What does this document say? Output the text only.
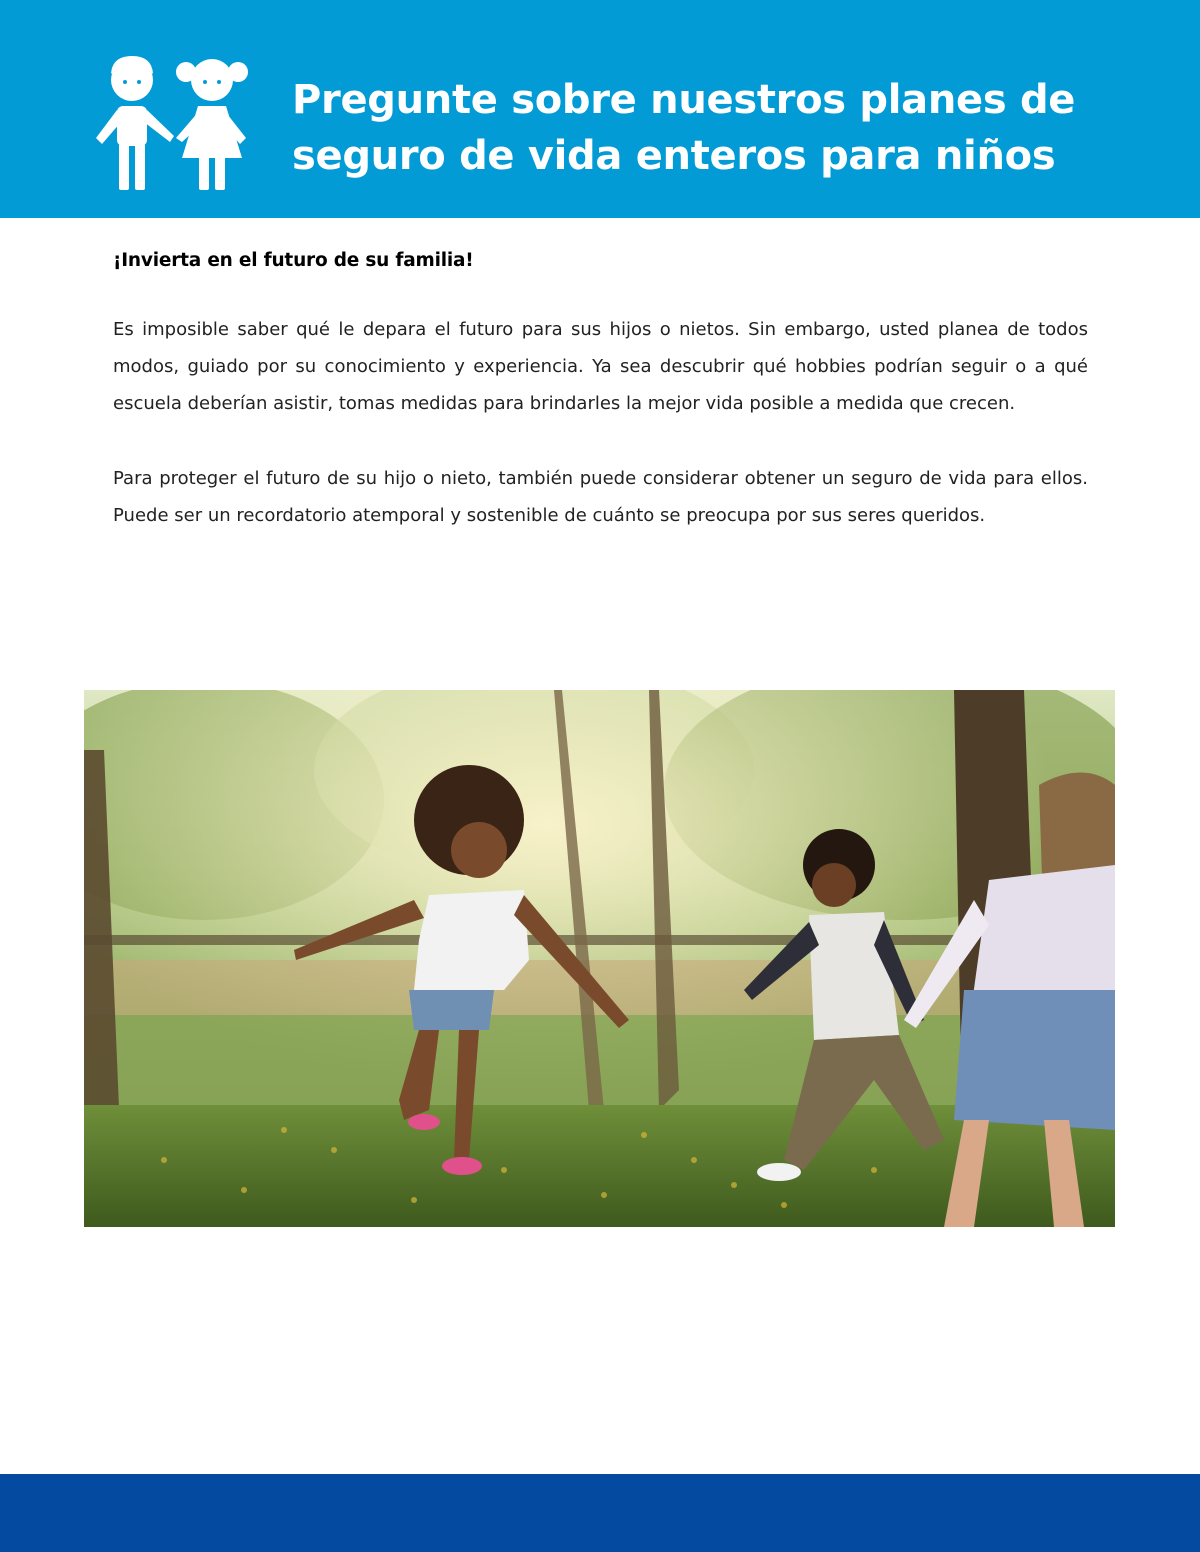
Pregunte sobre nuestros planes de
seguro de vida enteros para niños
¡Invierta en el futuro de su familia!

Es imposible saber qué le depara el futuro para sus hijos o nietos. Sin embargo, usted planea de todos modos, guiado por su conocimiento y experiencia. Ya sea descubrir qué hobbies podrían seguir o a qué escuela deberían asistir, tomas medidas para brindarles la mejor vida posible a medida que crecen.

Para proteger el futuro de su hijo o nieto, también puede considerar obtener un seguro de vida para ellos. Puede ser un recordatorio atemporal y sostenible de cuánto se preocupa por sus seres queridos.
